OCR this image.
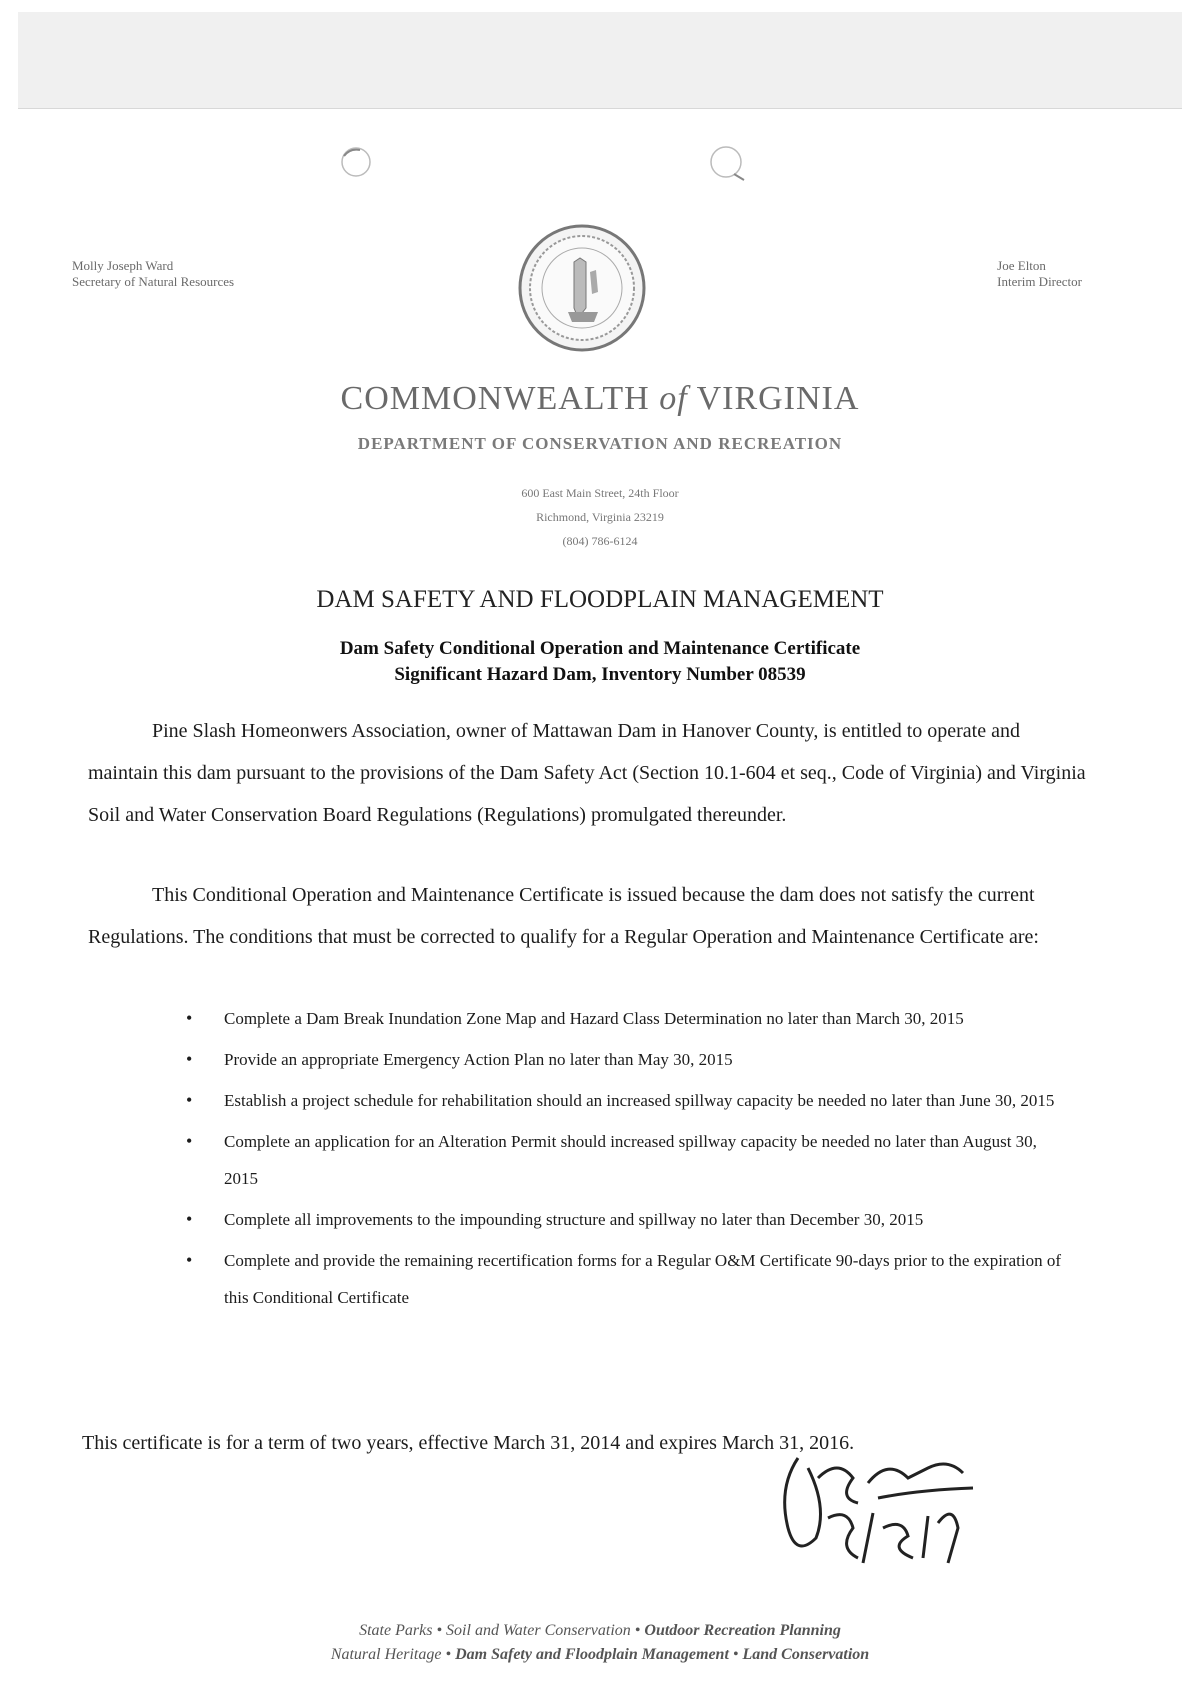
Molly Joseph Ward
Secretary of Natural Resources
Joe Elton
Interim Director
COMMONWEALTH of VIRGINIA
DEPARTMENT OF CONSERVATION AND RECREATION
600 East Main Street, 24th Floor
Richmond, Virginia 23219
(804) 786-6124
DAM SAFETY AND FLOODPLAIN MANAGEMENT
Dam Safety Conditional Operation and Maintenance Certificate
Significant Hazard Dam, Inventory Number 08539

Pine Slash Homeonwers Association, owner of Mattawan Dam in Hanover County, is entitled to operate and maintain this dam pursuant to the provisions of the Dam Safety Act (Section 10.1-604 et seq., Code of Virginia) and Virginia Soil and Water Conservation Board Regulations (Regulations) promulgated thereunder.

This Conditional Operation and Maintenance Certificate is issued because the dam does not satisfy the current Regulations. The conditions that must be corrected to qualify for a Regular Operation and Maintenance Certificate are:

• Complete a Dam Break Inundation Zone Map and Hazard Class Determination no later than March 30, 2015
• Provide an appropriate Emergency Action Plan no later than May 30, 2015
• Establish a project schedule for rehabilitation should an increased spillway capacity be needed no later than June 30, 2015
• Complete an application for an Alteration Permit should increased spillway capacity be needed no later than August 30, 2015
• Complete all improvements to the impounding structure and spillway no later than December 30, 2015
• Complete and provide the remaining recertification forms for a Regular O&M Certificate 90-days prior to the expiration of this Conditional Certificate
This certificate is for a term of two years, effective March 31, 2014 and expires March 31, 2016.
State Parks • Soil and Water Conservation • Outdoor Recreation Planning
Natural Heritage • Dam Safety and Floodplain Management • Land Conservation
